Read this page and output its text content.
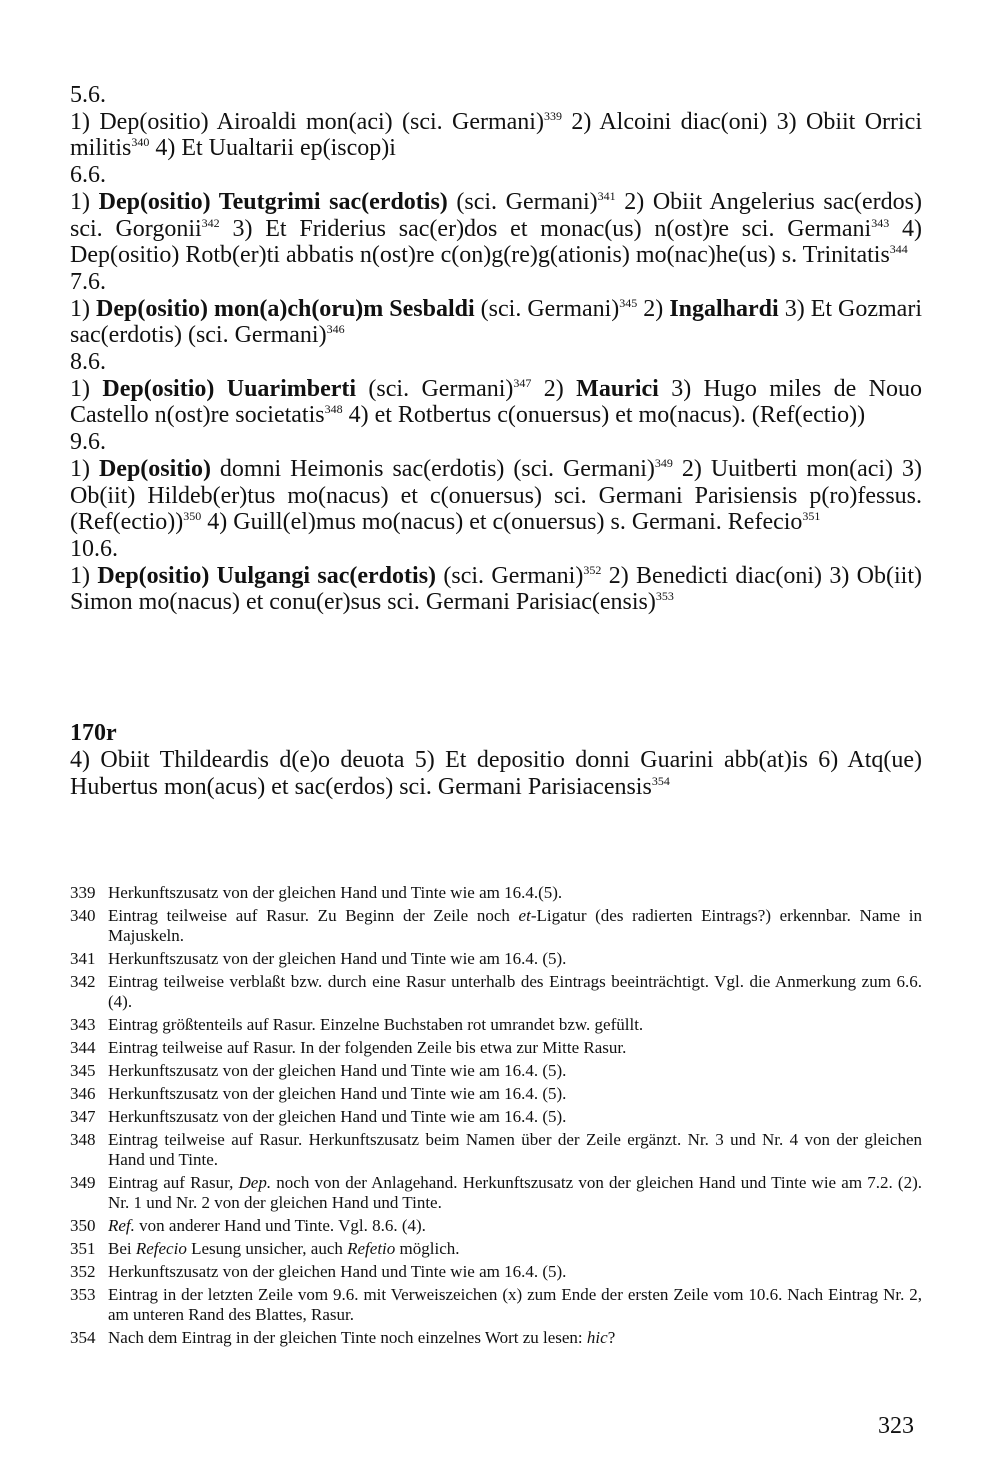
5.6.

1) Dep(ositio) Airoaldi mon(aci) (sci. Germani)$^{339}$ 2) Alcoini diac(oni) 3) Obiit Orrici militis$^{340}$ 4) Et Uualtarii ep(iscop)i

6.6.

1) Dep(ositio) Teutgrimi sac(erdotis) (sci. Germani)$^{341}$ 2) Obiit Angelerius sac(erdos) sci. Gorgonii$^{342}$ 3) Et Friderius sac(er)dos et monac(us) n(ost)re sci. Germani$^{343}$ 4) Dep(ositio) Rotb(er)ti abbatis n(ost)re c(on)g(re)g(ationis) mo(nac)he(us) s. Trinitatis$^{344}$

7.6.

1) Dep(ositio) mon(a)ch(oru)m Sesbaldi (sci. Germani)$^{345}$ 2) Ingalhardi 3) Et Gozmari sac(erdotis) (sci. Germani)$^{346}$

8.6.

1) Dep(ositio) Uuarimberti (sci. Germani)$^{347}$ 2) Maurici 3) Hugo miles de Nouo Castello n(ost)re societatis$^{348}$ 4) et Rotbertus c(onuersus) et mo(nacus). (Ref(ectio))

9.6.

1) Dep(ositio) domni Heimonis sac(erdotis) (sci. Germani)$^{349}$ 2) Uuitberti mon(aci) 3) Ob(iit) Hildeb(er)tus mo(nacus) et c(onuersus) sci. Germani Parisiensis p(ro)fessus. (Ref(ectio))$^{350}$ 4) Guill(el)mus mo(nacus) et c(onuersus) s. Germani. Refecio$^{351}$

10.6.

1) Dep(ositio) Uulgangi sac(erdotis) (sci. Germani)$^{352}$ 2) Benedicti diac(oni) 3) Ob(iit) Simon mo(nacus) et conu(er)sus sci. Germani Parisiac(ensis)$^{353}$

170r

4) Obiit Thildeardis d(e)o deuota 5) Et depositio donni Guarini abb(at)is 6) Atq(ue) Hubertus mon(acus) et sac(erdos) sci. Germani Parisiacensis$^{354}$

339 Herkunftszusatz von der gleichen Hand und Tinte wie am 16.4.(5).
340 Eintrag teilweise auf Rasur. Zu Beginn der Zeile noch et-Ligatur (des radierten Eintrags?) erkennbar. Name in Majuskeln.
341 Herkunftszusatz von der gleichen Hand und Tinte wie am 16.4. (5).
342 Eintrag teilweise verblaßt bzw. durch eine Rasur unterhalb des Eintrags beeinträchtigt. Vgl. die Anmerkung zum 6.6. (4).
343 Eintrag größtenteils auf Rasur. Einzelne Buchstaben rot umrandet bzw. gefüllt.
344 Eintrag teilweise auf Rasur. In der folgenden Zeile bis etwa zur Mitte Rasur.
345 Herkunftszusatz von der gleichen Hand und Tinte wie am 16.4. (5).
346 Herkunftszusatz von der gleichen Hand und Tinte wie am 16.4. (5).
347 Herkunftszusatz von der gleichen Hand und Tinte wie am 16.4. (5).
348 Eintrag teilweise auf Rasur. Herkunftszusatz beim Namen über der Zeile ergänzt. Nr. 3 und Nr. 4 von der gleichen Hand und Tinte.
349 Eintrag auf Rasur, Dep. noch von der Anlagehand. Herkunftszusatz von der gleichen Hand und Tinte wie am 7.2. (2). Nr. 1 und Nr. 2 von der gleichen Hand und Tinte.
350 Ref. von anderer Hand und Tinte. Vgl. 8.6. (4).
351 Bei Refecio Lesung unsicher, auch Refetio möglich.
352 Herkunftszusatz von der gleichen Hand und Tinte wie am 16.4. (5).
353 Eintrag in der letzten Zeile vom 9.6. mit Verweiszeichen (x) zum Ende der ersten Zeile vom 10.6. Nach Eintrag Nr. 2, am unteren Rand des Blattes, Rasur.
354 Nach dem Eintrag in der gleichen Tinte noch einzelnes Wort zu lesen: hic?
323
